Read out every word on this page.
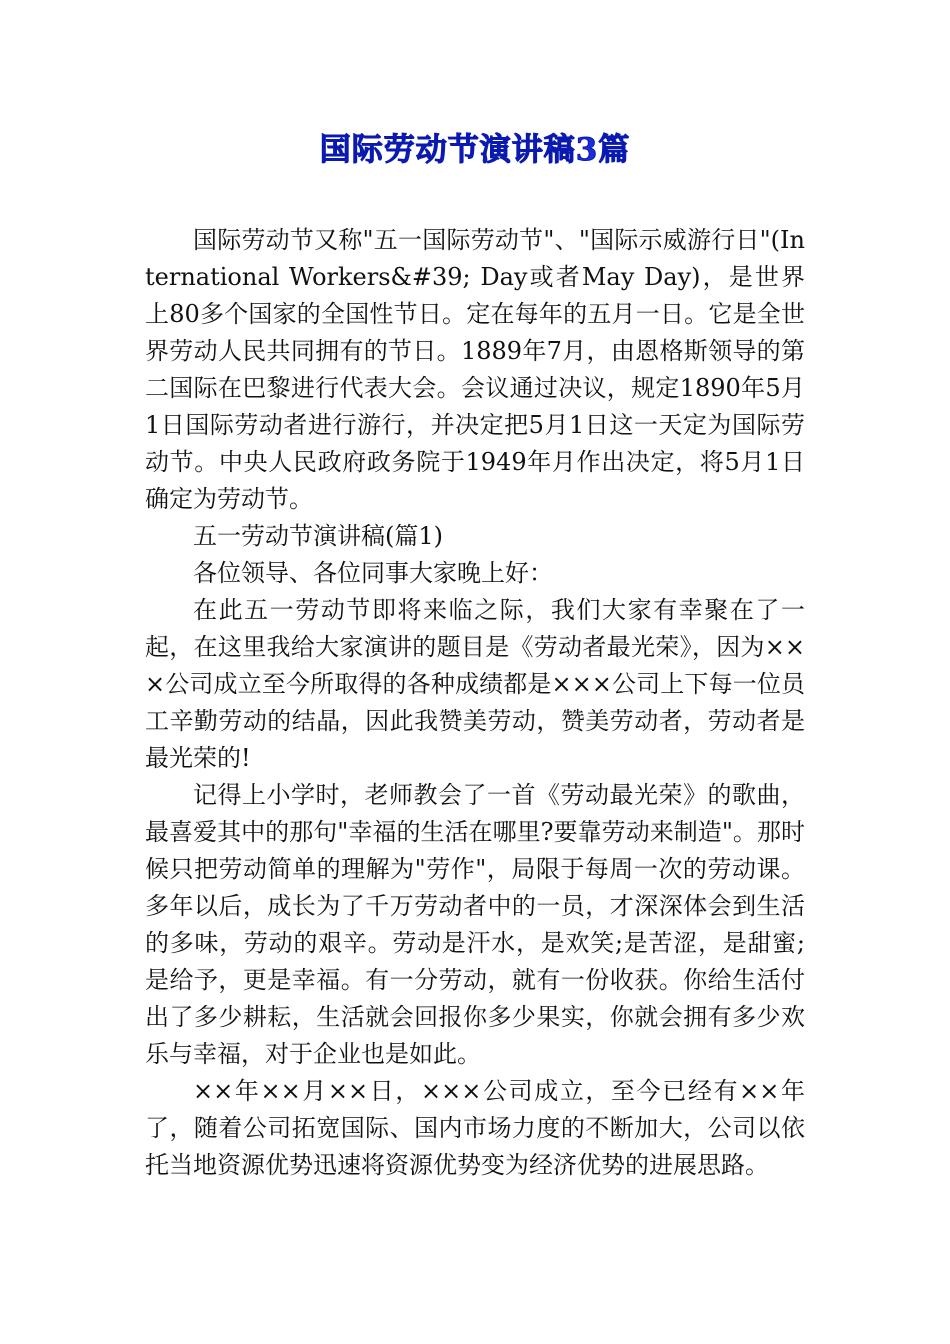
国际劳动节演讲稿3篇

国际劳动节又称"五一国际劳动节"、"国际示威游行日"(International Workers&#39; Day或者May Day)，是世界上80多个国家的全国性节日。定在每年的五月一日。它是全世界劳动人民共同拥有的节日。1889年7月，由恩格斯领导的第二国际在巴黎进行代表大会。会议通过决议，规定1890年5月1日国际劳动者进行游行，并决定把5月1日这一天定为国际劳动节。中央人民政府政务院于1949年月作出决定，将5月1日确定为劳动节。

五一劳动节演讲稿(篇1)

各位领导、各位同事大家晚上好：

在此五一劳动节即将来临之际，我们大家有幸聚在了一起，在这里我给大家演讲的题目是《劳动者最光荣》，因为×××公司成立至今所取得的各种成绩都是×××公司上下每一位员工辛勤劳动的结晶，因此我赞美劳动，赞美劳动者，劳动者是最光荣的!

记得上小学时，老师教会了一首《劳动最光荣》的歌曲，最喜爱其中的那句"幸福的生活在哪里?要靠劳动来制造"。那时候只把劳动简单的理解为"劳作"，局限于每周一次的劳动课。多年以后，成长为了千万劳动者中的一员，才深深体会到生活的多味，劳动的艰辛。劳动是汗水，是欢笑;是苦涩，是甜蜜;是给予，更是幸福。有一分劳动，就有一份收获。你给生活付出了多少耕耘，生活就会回报你多少果实，你就会拥有多少欢乐与幸福，对于企业也是如此。

××年××月××日，×××公司成立，至今已经有××年了，随着公司拓宽国际、国内市场力度的不断加大，公司以依托当地资源优势迅速将资源优势变为经济优势的进展思路。
